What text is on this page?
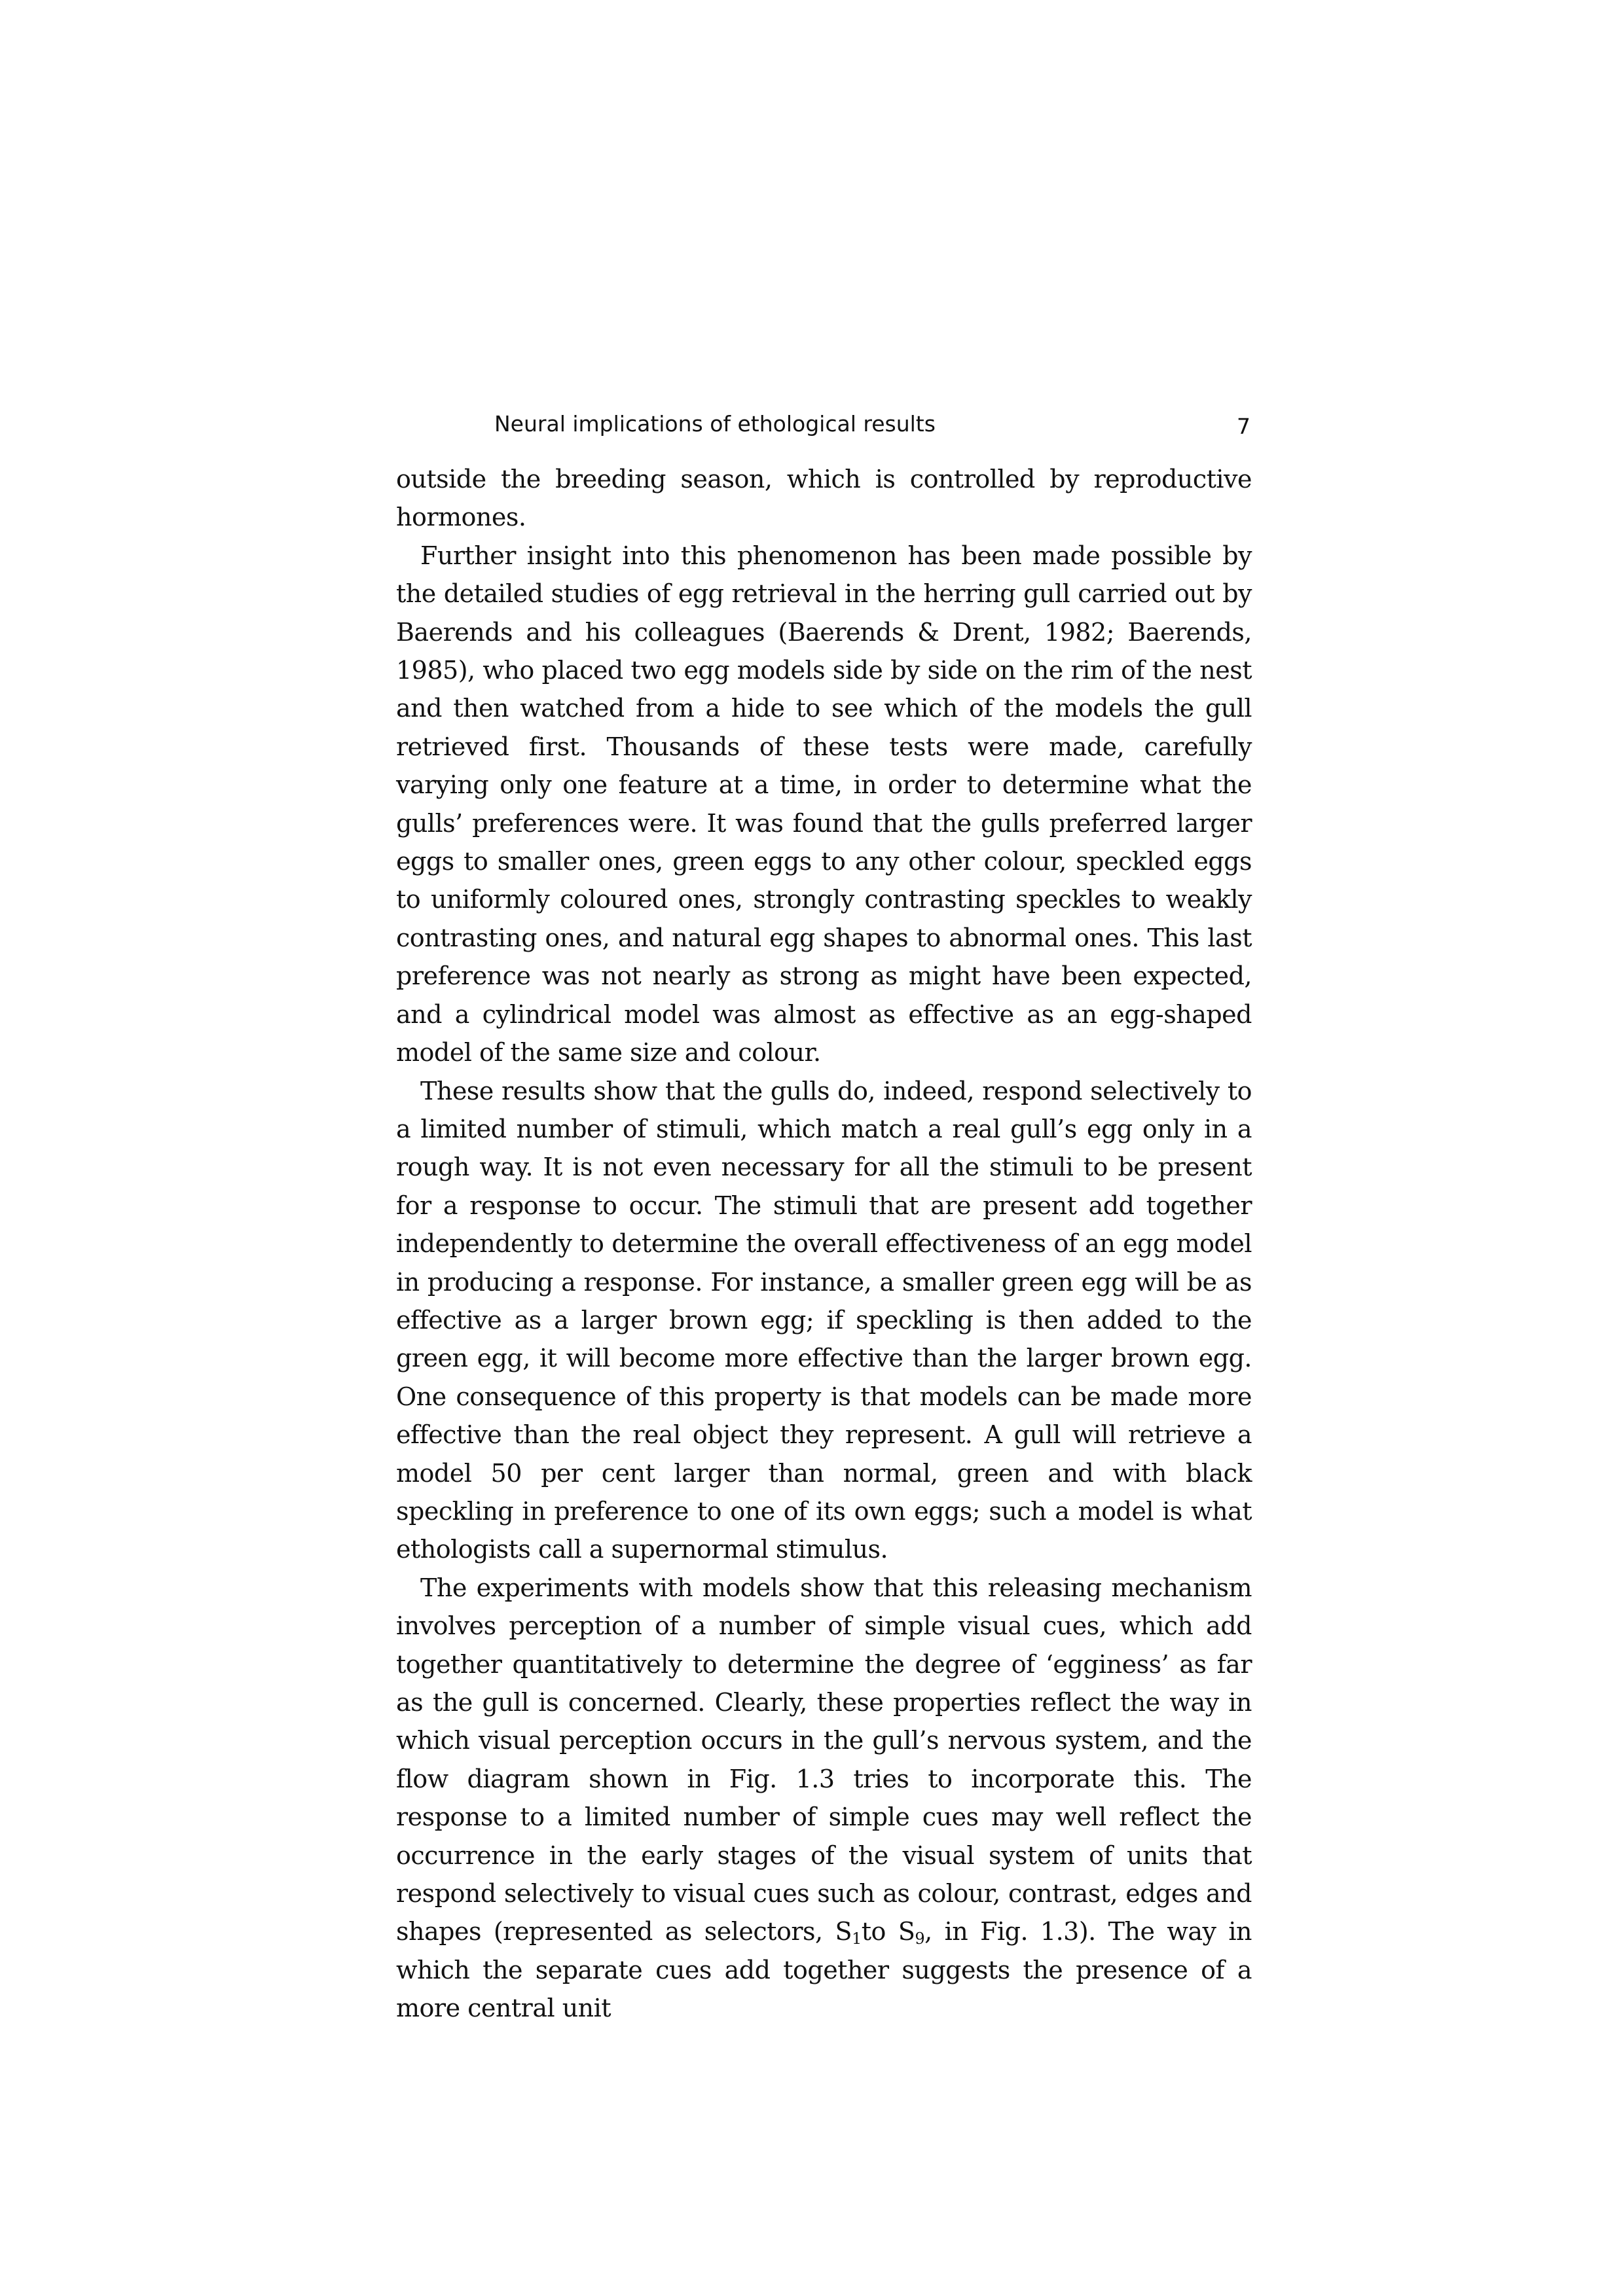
Neural implications of ethological results	7

outside the breeding season, which is controlled by reproductive hormones.

Further insight into this phenomenon has been made possible by the detailed studies of egg retrieval in the herring gull carried out by Baerends and his colleagues (Baerends & Drent, 1982; Baerends, 1985), who placed two egg models side by side on the rim of the nest and then watched from a hide to see which of the models the gull retrieved first. Thousands of these tests were made, carefully varying only one feature at a time, in order to determine what the gulls’ preferences were. It was found that the gulls preferred larger eggs to smaller ones, green eggs to any other colour, speckled eggs to uniformly coloured ones, strongly contrasting speckles to weakly contrasting ones, and natural egg shapes to abnormal ones. This last preference was not nearly as strong as might have been expected, and a cylindrical model was almost as effective as an egg-shaped model of the same size and colour.

These results show that the gulls do, indeed, respond selectively to a limited number of stimuli, which match a real gull’s egg only in a rough way. It is not even necessary for all the stimuli to be present for a response to occur. The stimuli that are present add together independently to determine the overall effectiveness of an egg model in producing a response. For instance, a smaller green egg will be as effective as a larger brown egg; if speckling is then added to the green egg, it will become more effective than the larger brown egg. One consequence of this property is that models can be made more effective than the real object they represent. A gull will retrieve a model 50 per cent larger than normal, green and with black speckling in preference to one of its own eggs; such a model is what ethologists call a supernormal stimulus.

The experiments with models show that this releasing mechanism involves perception of a number of simple visual cues, which add together quantitatively to determine the degree of ‘egginess’ as far as the gull is concerned. Clearly, these properties reflect the way in which visual perception occurs in the gull’s nervous system, and the flow diagram shown in Fig. 1.3 tries to incorporate this. The response to a limited number of simple cues may well reflect the occurrence in the early stages of the visual system of units that respond selectively to visual cues such as colour, contrast, edges and shapes (represented as selectors, $S_1to$ $S_9$, in Fig. 1.3). The way in which the separate cues add together suggests the presence of a more central unit
